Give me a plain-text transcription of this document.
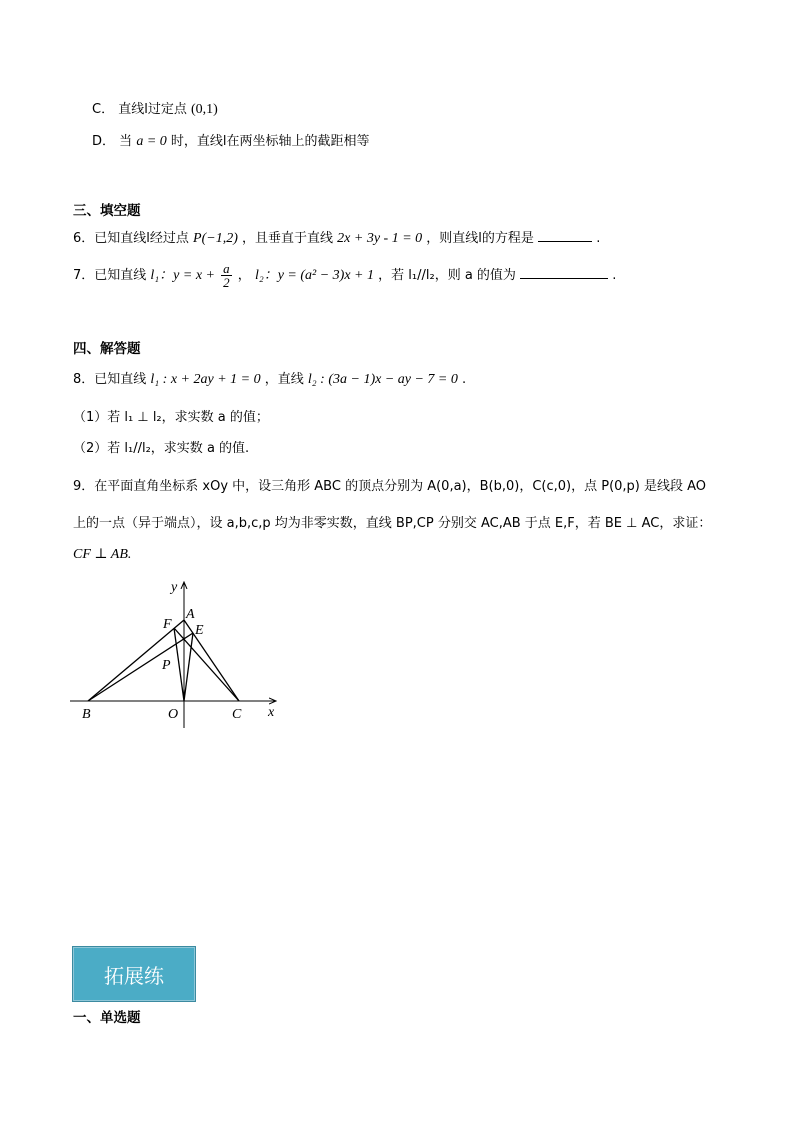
C． 直线l过定点 (0,1)
D． 当 a = 0 时，直线l在两坐标轴上的截距相等
三、填空题
6．已知直线l经过点 P(−1,2) ，且垂直于直线 2x + 3y - 1 = 0 ，则直线l的方程是	.
7．已知直线 l₁：$y = x + \frac{a}{2}$ ， l₂：y = (a² − 3)x + 1 ，若 l₁//l₂，则 a 的值为	.
四、解答题
8．已知直线 l₁ : x + 2ay + 1 = 0 ，直线 l₂ : (3a − 1)x − ay − 7 = 0 .
（1）若 l₁ ⊥ l₂，求实数 a 的值；
（2）若 l₁//l₂，求实数 a 的值.
9．在平面直角坐标系 xOy 中，设三角形 ABC 的顶点分别为 A(0,a)，B(b,0)，C(c,0)，点 P(0,p) 是线段 AO
上的一点（异于端点），设 a,b,c,p 均为非零实数，直线 BP,CP 分别交 AC,AB 于点 E,F，若 BE ⊥ AC，求证：
CF ⊥ AB.
y
x
A
B	C
O
E
F
P
拓展练
一、单选题
